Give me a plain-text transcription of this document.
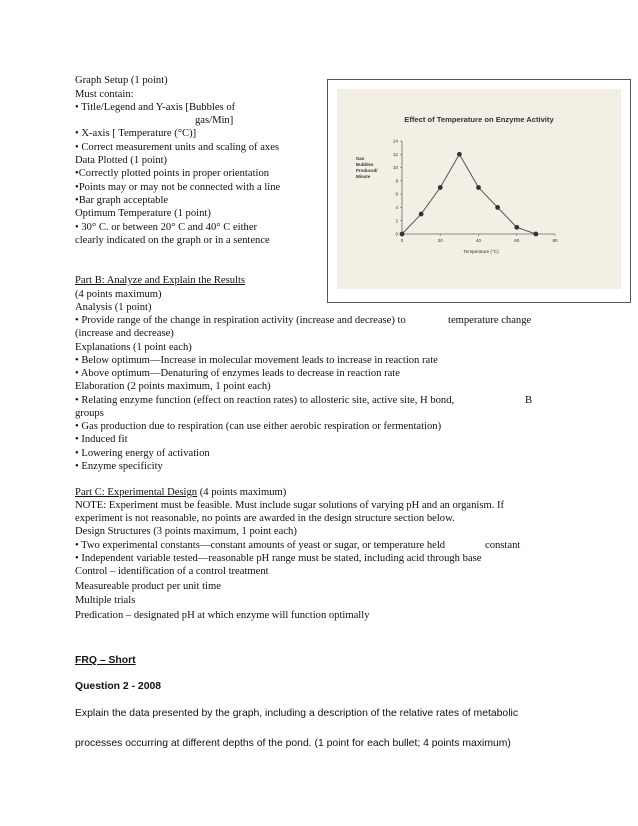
Graph Setup (1 point)
Must contain:
• Title/Legend and Y-axis [Bubbles of
gas/Min]
• X-axis [ Temperature (°C)]
• Correct measurement units and scaling of axes
Data Plotted (1 point)
•Correctly plotted points in proper orientation
•Points may or may not be connected with a line
•Bar graph acceptable
Optimum Temperature (1 point)
• 30° C. or between 20° C and 40° C either
clearly indicated on the graph or in a sentence
Effect of Temperature on Enzyme Activity
Gas
Bubbles
Produced/
Minute
0
2
4
6
8
10
12
14
0	20	40	60	80
Temperature (°C)
Part B: Analyze and Explain the Results
(4 points maximum)
Analysis (1 point)
• Provide range of the change in respiration activity (increase and decrease) to	temperature change
(increase and decrease)
Explanations (1 point each)
• Below optimum—Increase in molecular movement leads to increase in reaction rate
• Above optimum—Denaturing of enzymes leads to decrease in reaction rate
Elaboration (2 points maximum, 1 point each)
• Relating enzyme function (effect on reaction rates) to allosteric site, active site, H bond,	B
groups
• Gas production due to respiration (can use either aerobic respiration or fermentation)
• Induced fit
• Lowering energy of activation
• Enzyme specificity
Part C: Experimental Design (4 points maximum)
NOTE: Experiment must be feasible. Must include sugar solutions of varying pH and an organism. If
experiment is not reasonable, no points are awarded in the design structure section below.
Design Structures (3 points maximum, 1 point each)
• Two experimental constants—constant amounts of yeast or sugar, or temperature held	constant
• Independent variable tested—reasonable pH range must be stated, including acid through base
Control – identification of a control treatment
Measureable product per unit time
Multiple trials
Predication – designated pH at which enzyme will function optimally
FRQ – Short
Question 2 - 2008
Explain the data presented by the graph, including a description of the relative rates of metabolic
processes occurring at different depths of the pond. (1 point for each bullet; 4 points maximum)
